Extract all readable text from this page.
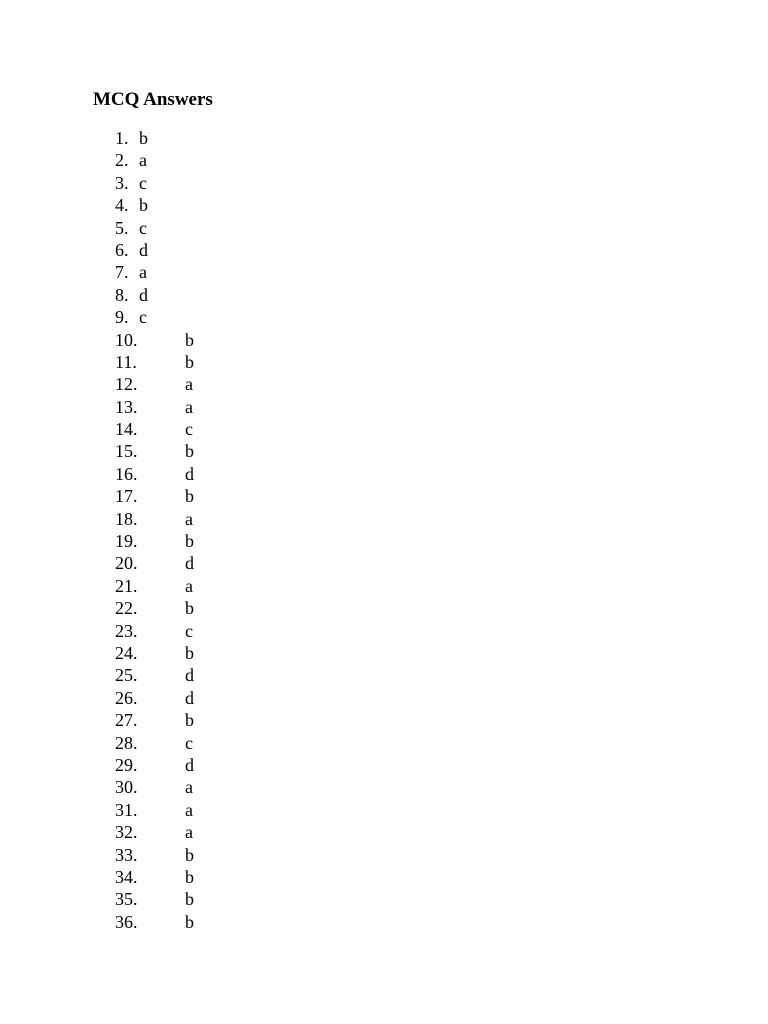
MCQ Answers
1. b
2. a
3. c
4. b
5. c
6. d
7. a
8. d
9. c
10.	b
11.	b
12.	a
13.	a
14.	c
15.	b
16.	d
17.	b
18.	a
19.	b
20.	d
21.	a
22.	b
23.	c
24.	b
25.	d
26.	d
27.	b
28.	c
29.	d
30.	a
31.	a
32.	a
33.	b
34.	b
35.	b
36.	b
